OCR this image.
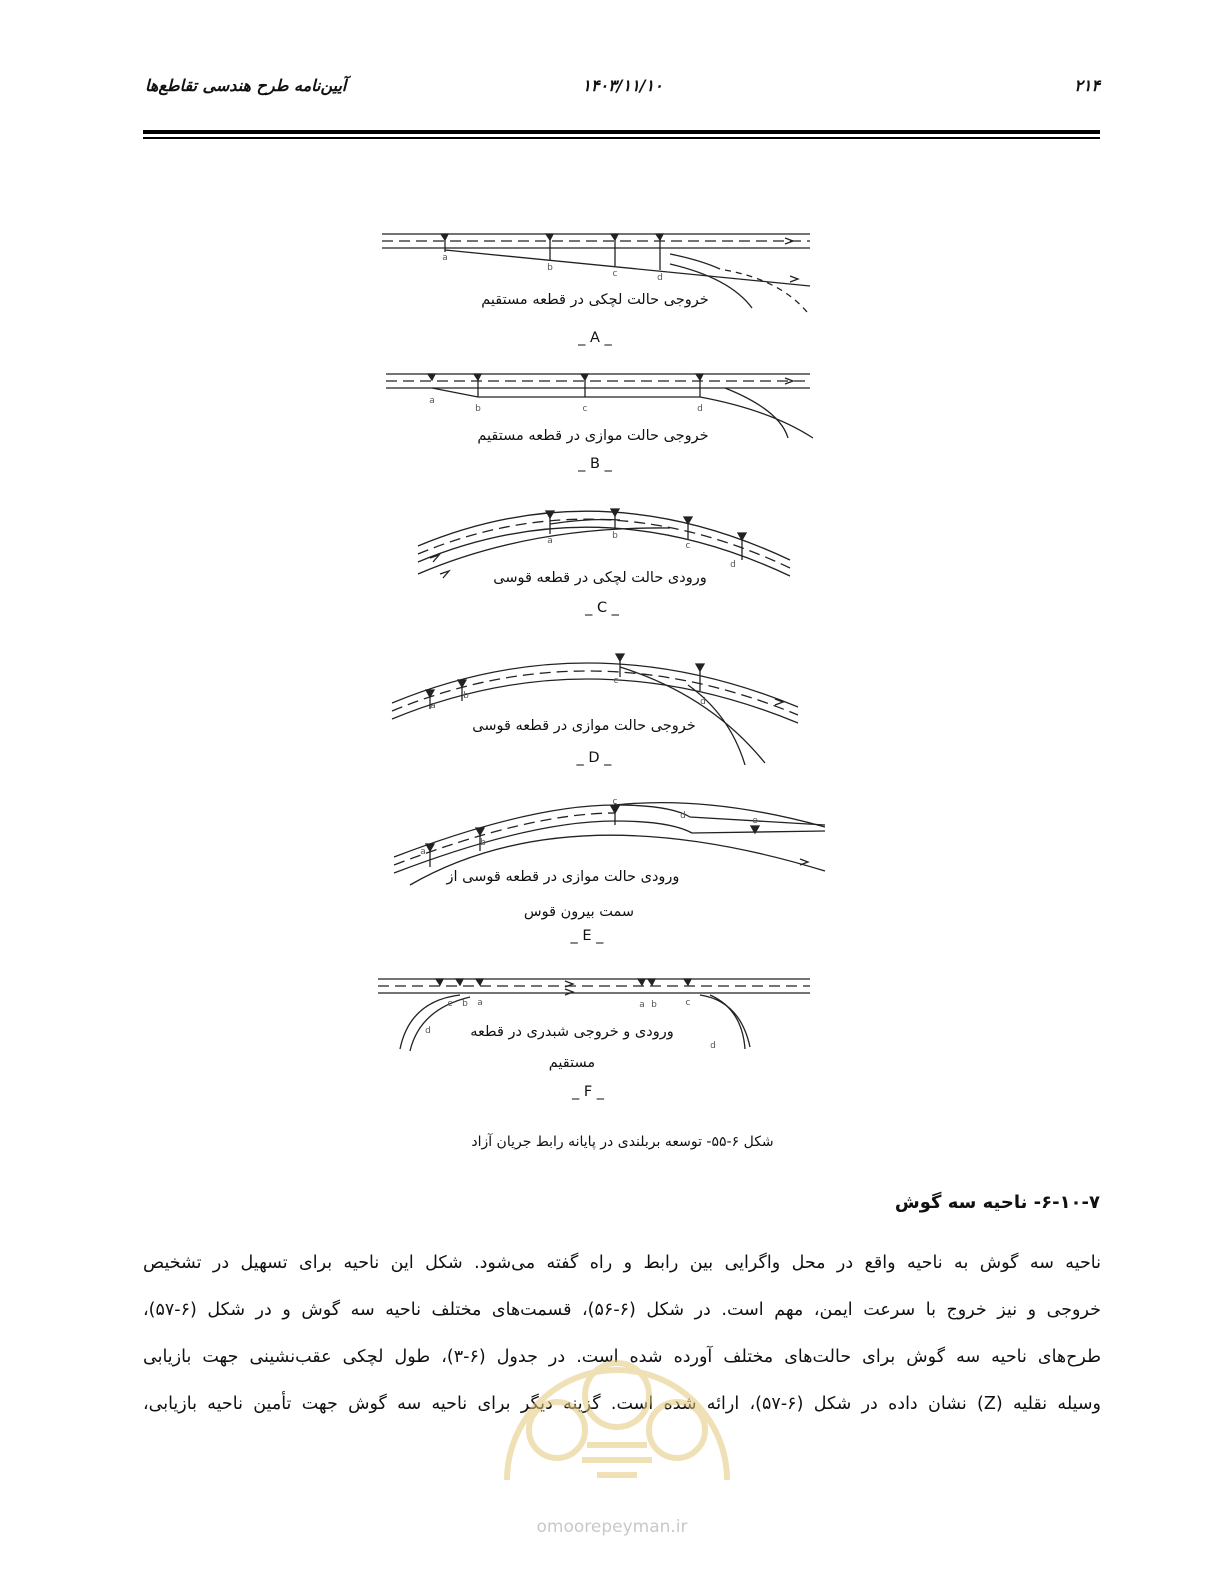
۲۱۴
۱۴۰۳/۱۱/۱۰
آیین‌نامه طرح هندسی تقاطع‌ها
a
b
c	d
a
b	c	d
a	b
c
d
a
b
c
d
a
b
c
d	e
c b a
d
a b	c
d
خروجی حالت لچکی در قطعه مستقیم
_ A _
خروجی حالت موازی در قطعه مستقیم
_ B _
ورودی حالت لچکی در قطعه قوسی
_ C _
خروجی حالت موازی در قطعه قوسی
_ D _
ورودی حالت موازی در قطعه قوسی از
سمت بیرون قوس
_ E _
ورودی و خروجی شبدری در قطعه
مستقیم
_ F _
شکل ۶-۵۵- توسعه بربلندی در پایانه رابط جریان آزاد
۶-۱۰-۷- ناحیه سه گوش
ناحیه سه گوش به ناحیه واقع در محل واگرایی بین رابط و راه گفته می‌شود. شکل این ناحیه برای تسهیل در تشخیص
خروجی و نیز خروج با سرعت ایمن، مهم است. در شکل (۶-۵۶)، قسمت‌های مختلف ناحیه سه گوش و در شکل (۶-۵۷)،
طرح‌های ناحیه سه گوش برای حالت‌های مختلف آورده شده است. در جدول (۶-۳)، طول لچکی عقب‌نشینی جهت بازیابی
وسیله نقلیه (Z) نشان داده در شکل (۶-۵۷)، ارائه شده است. گزینه دیگر برای ناحیه سه گوش جهت تأمین ناحیه بازیابی،
omoorepeyman.ir
